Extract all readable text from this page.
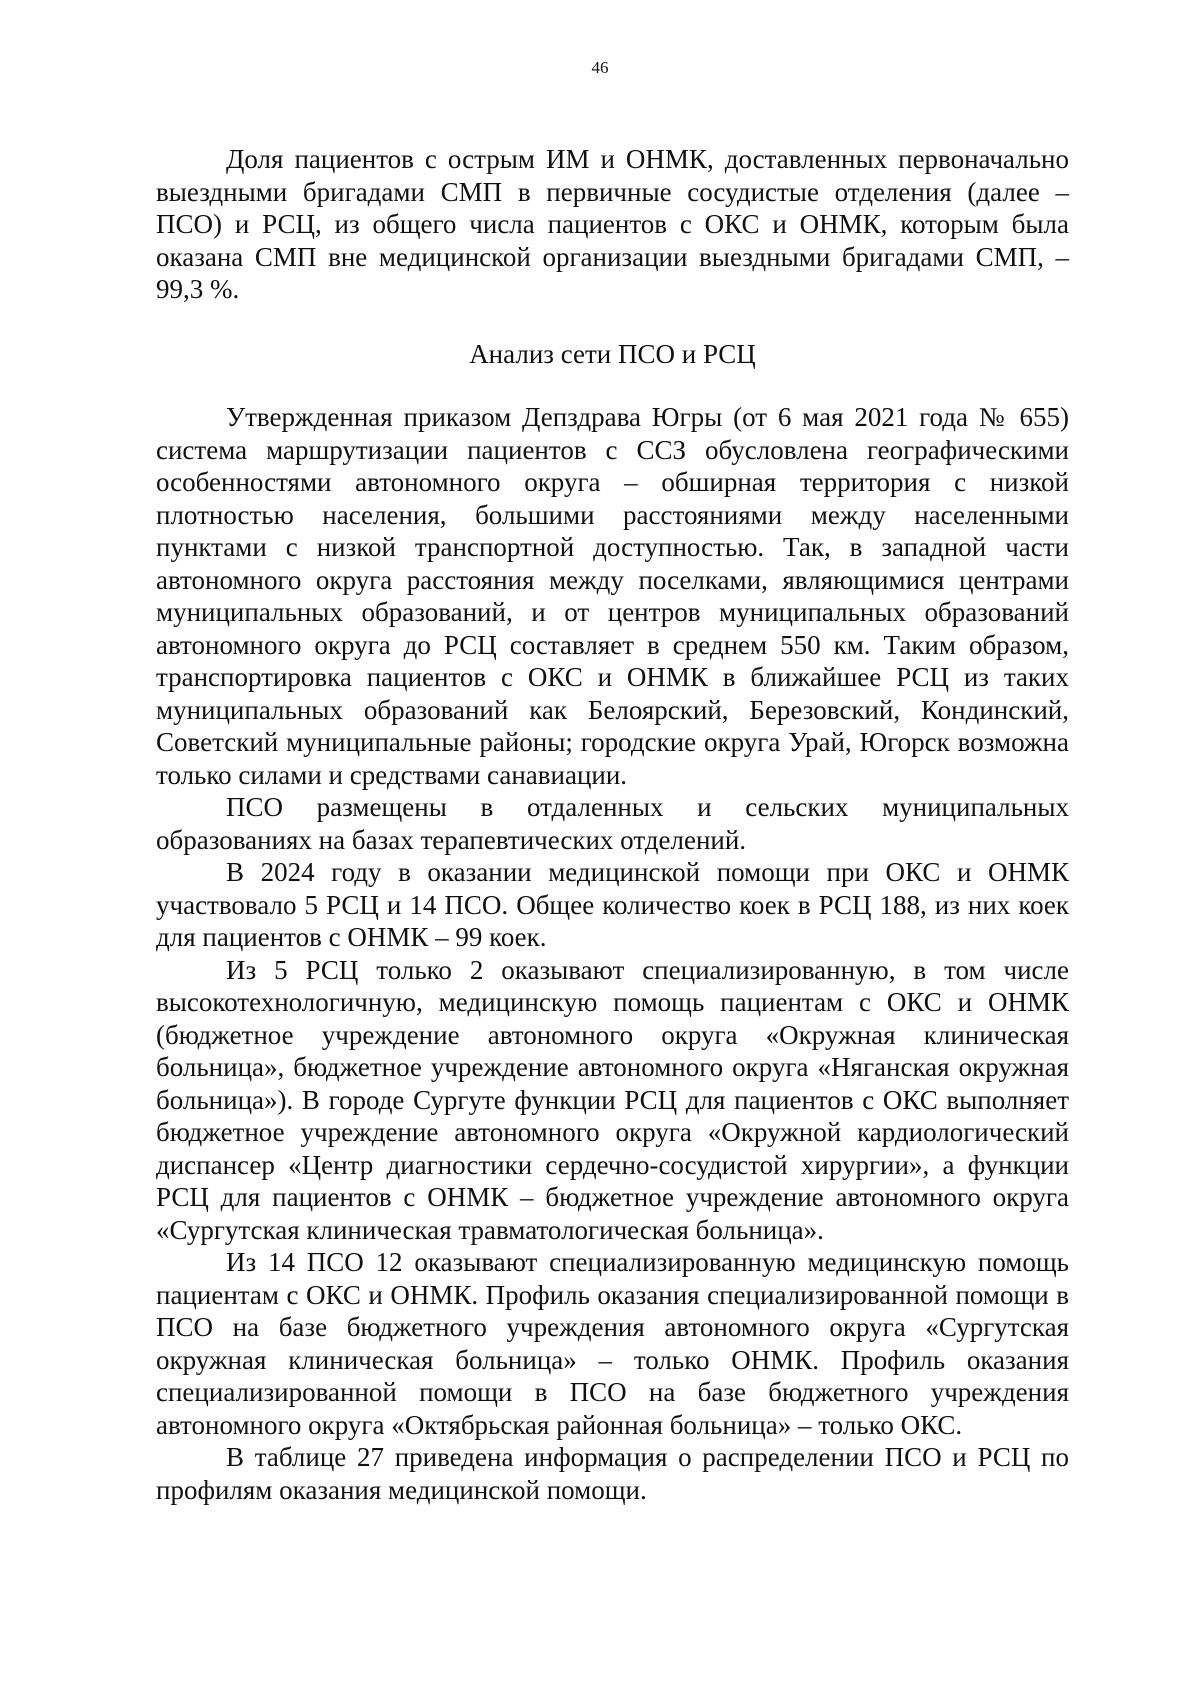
46

Доля пациентов с острым ИМ и ОНМК, доставленных первоначально выездными бригадами СМП в первичные сосудистые отделения (далее – ПСО) и РСЦ, из общего числа пациентов с ОКС и ОНМК, которым была оказана СМП вне медицинской организации выездными бригадами СМП, – 99,3 %.

Анализ сети ПСО и РСЦ

Утвержденная приказом Депздрава Югры (от 6 мая 2021 года № 655) система маршрутизации пациентов с ССЗ обусловлена географическими особенностями автономного округа – обширная территория с низкой плотностью населения, большими расстояниями между населенными пунктами с низкой транспортной доступностью. Так, в западной части автономного округа расстояния между поселками, являющимися центрами муниципальных образований, и от центров муниципальных образований автономного округа до РСЦ составляет в среднем 550 км. Таким образом, транспортировка пациентов с ОКС и ОНМК в ближайшее РСЦ из таких муниципальных образований как Белоярский, Березовский, Кондинский, Советский муниципальные районы; городские округа Урай, Югорск возможна только силами и средствами санавиации.

ПСО размещены в отдаленных и сельских муниципальных образованиях на базах терапевтических отделений.

В 2024 году в оказании медицинской помощи при ОКС и ОНМК участвовало 5 РСЦ и 14 ПСО. Общее количество коек в РСЦ 188, из них коек для пациентов с ОНМК – 99 коек.

Из 5 РСЦ только 2 оказывают специализированную, в том числе высокотехнологичную, медицинскую помощь пациентам с ОКС и ОНМК (бюджетное учреждение автономного округа «Окружная клиническая больница», бюджетное учреждение автономного округа «Няганская окружная больница»). В городе Сургуте функции РСЦ для пациентов с ОКС выполняет бюджетное учреждение автономного округа «Окружной кардиологический диспансер «Центр диагностики сердечно-сосудистой хирургии», а функции РСЦ для пациентов с ОНМК – бюджетное учреждение автономного округа «Сургутская клиническая травматологическая больница».

Из 14 ПСО 12 оказывают специализированную медицинскую помощь пациентам с ОКС и ОНМК. Профиль оказания специализированной помощи в ПСО на базе бюджетного учреждения автономного округа «Сургутская окружная клиническая больница» – только ОНМК. Профиль оказания специализированной помощи в ПСО на базе бюджетного учреждения автономного округа «Октябрьская районная больница» – только ОКС.

В таблице 27 приведена информация о распределении ПСО и РСЦ по профилям оказания медицинской помощи.
